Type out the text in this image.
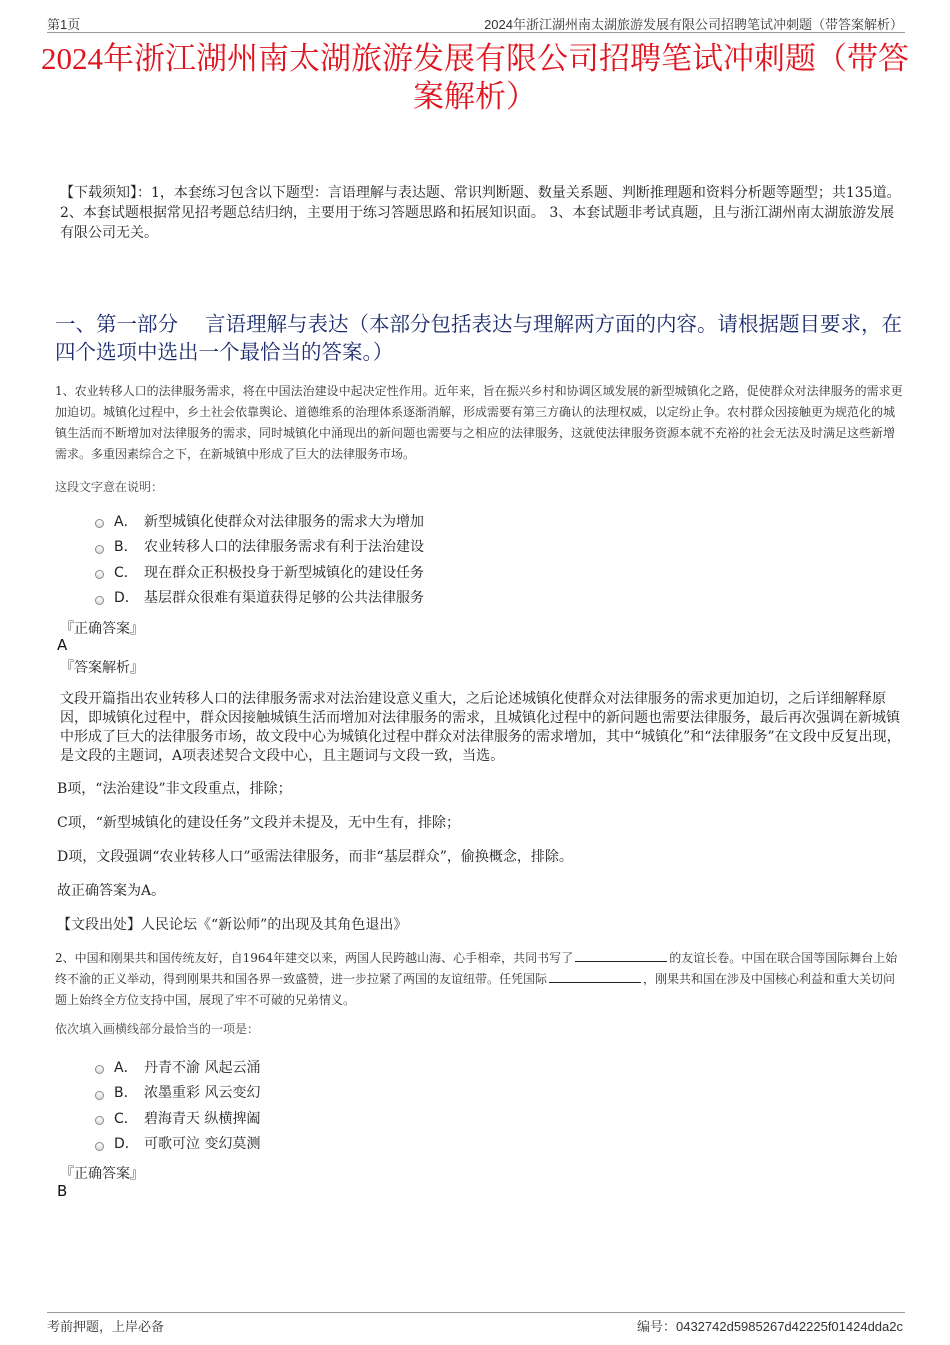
第1页	2024年浙江湖州南太湖旅游发展有限公司招聘笔试冲刺题（带答案解析）
2024年浙江湖州南太湖旅游发展有限公司招聘笔试冲刺题（带答案解析）
【下载须知】：1，本套练习包含以下题型：言语理解与表达题、常识判断题、数量关系题、判断推理题和资料分析题等题型；共135道。 2、本套试题根据常见招考题总结归纳，主要用于练习答题思路和拓展知识面。 3、本套试题非考试真题，且与浙江湖州南太湖旅游发展有限公司无关。
一、第一部分　 言语理解与表达（本部分包括表达与理解两方面的内容。请根据题目要求，在四个选项中选出一个最恰当的答案。）
1、农业转移人口的法律服务需求，将在中国法治建设中起决定性作用。近年来，旨在振兴乡村和协调区域发展的新型城镇化之路，促使群众对法律服务的需求更加迫切。城镇化过程中，乡土社会依靠舆论、道德维系的治理体系逐渐消解，形成需要有第三方确认的法理权威，以定纷止争。农村群众因接触更为规范化的城镇生活而不断增加对法律服务的需求，同时城镇化中涌现出的新问题也需要与之相应的法律服务，这就使法律服务资源本就不充裕的社会无法及时满足这些新增需求。多重因素综合之下，在新城镇中形成了巨大的法律服务市场。
这段文字意在说明：
A． 新型城镇化使群众对法律服务的需求大为增加
B． 农业转移人口的法律服务需求有利于法治建设
C． 现在群众正积极投身于新型城镇化的建设任务
D． 基层群众很难有渠道获得足够的公共法律服务
『正确答案』
A
『答案解析』
文段开篇指出农业转移人口的法律服务需求对法治建设意义重大，之后论述城镇化使群众对法律服务的需求更加迫切，之后详细解释原因，即城镇化过程中，群众因接触城镇生活而增加对法律服务的需求，且城镇化过程中的新问题也需要法律服务，最后再次强调在新城镇中形成了巨大的法律服务市场，故文段中心为城镇化过程中群众对法律服务的需求增加，其中“城镇化”和“法律服务”在文段中反复出现，是文段的主题词，A项表述契合文段中心，且主题词与文段一致，当选。
B项，“法治建设”非文段重点，排除；
C项，“新型城镇化的建设任务”文段并未提及，无中生有，排除；
D项，文段强调“农业转移人口”亟需法律服务，而非“基层群众”，偷换概念，排除。
故正确答案为A。
【文段出处】人民论坛《“新讼师”的出现及其角色退出》
2、中国和刚果共和国传统友好，自1964年建交以来，两国人民跨越山海、心手相牵，共同书写了	的友谊长卷。中国在联合国等国际舞台上始终不渝的正义举动，得到刚果共和国各界一致盛赞，进一步拉紧了两国的友谊纽带。任凭国际	，刚果共和国在涉及中国核心利益和重大关切问题上始终全方位支持中国，展现了牢不可破的兄弟情义。
依次填入画横线部分最恰当的一项是：
A． 丹青不渝 风起云涌
B． 浓墨重彩 风云变幻
C． 碧海青天 纵横捭阖
D． 可歌可泣 变幻莫测
『正确答案』
B
考前押题，上岸必备	编号：0432742d5985267d42225f01424dda2c
